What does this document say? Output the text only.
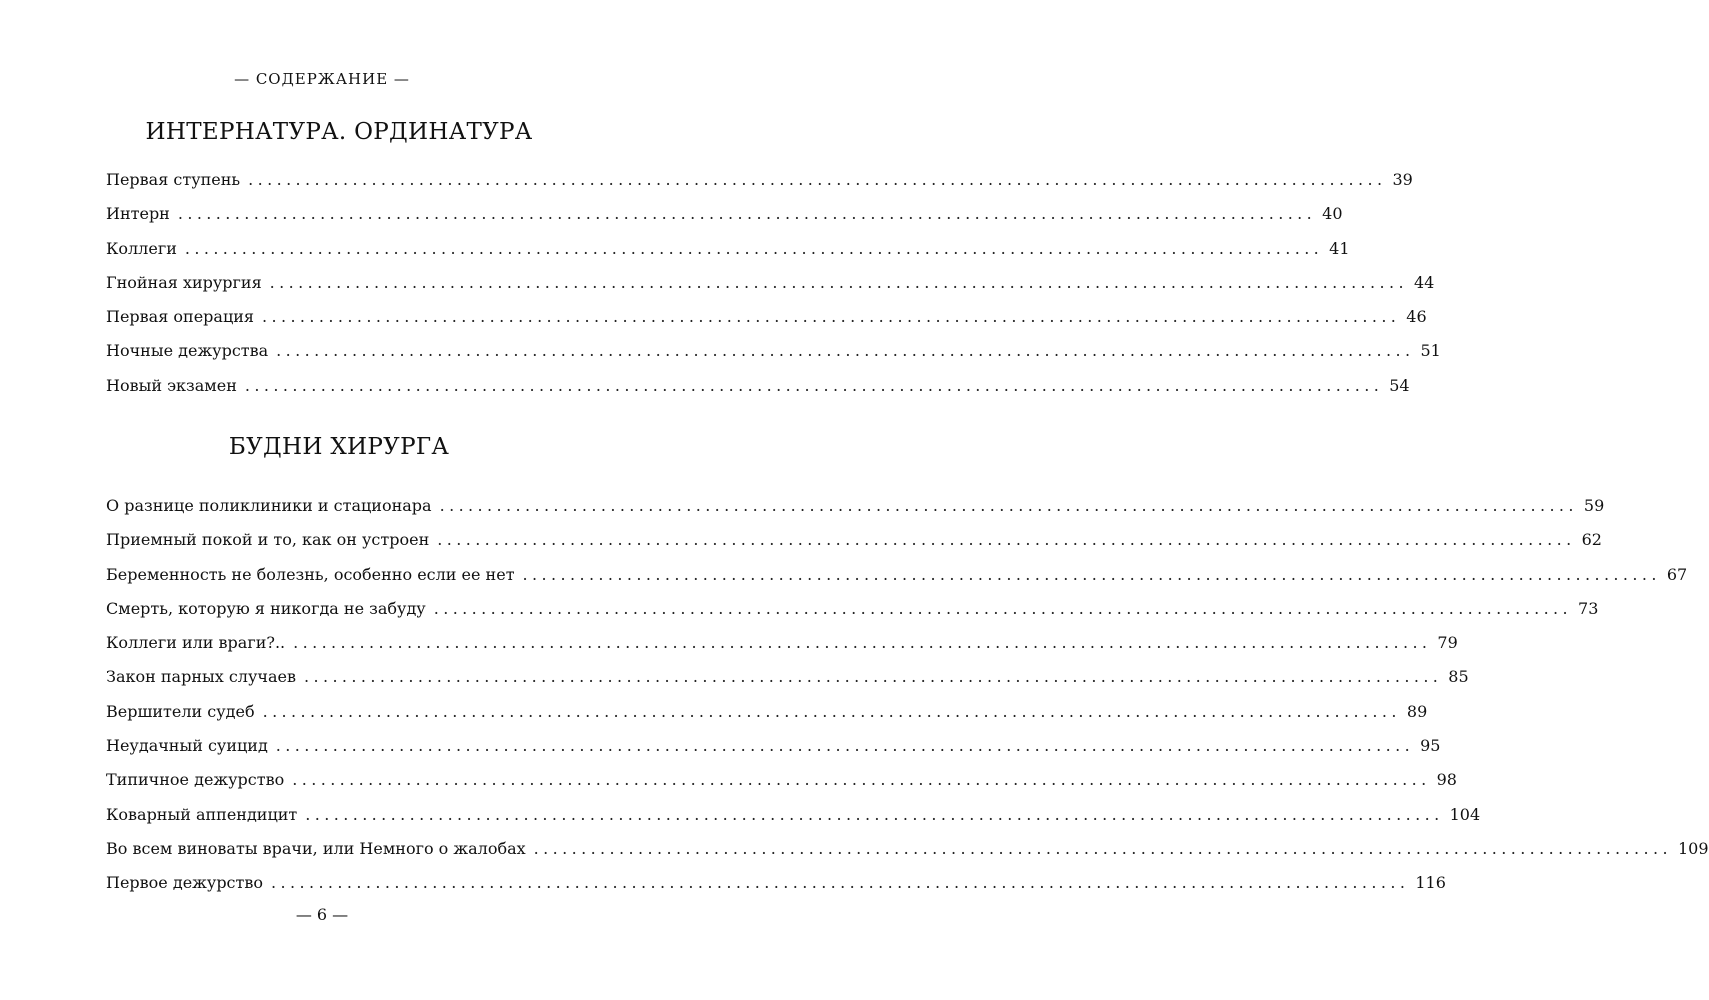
— СОДЕРЖАНИЕ —
ИНТЕРНАТУРА. ОРДИНАТУРА
Первая ступень ........................................................................................................................ 39
Интерн ........................................................................................................................ 40
Коллеги ........................................................................................................................ 41
Гнойная хирургия ........................................................................................................................ 44
Первая операция ........................................................................................................................ 46
Ночные дежурства ........................................................................................................................ 51
Новый экзамен ........................................................................................................................ 54
БУДНИ ХИРУРГА
О разнице поликлиники и стационара ........................................................................................................................ 59
Приемный покой и то, как он устроен ........................................................................................................................ 62
Беременность не болезнь, особенно если ее нет ........................................................................................................................ 67
Смерть, которую я никогда не забуду ........................................................................................................................ 73
Коллеги или враги?.. ........................................................................................................................ 79
Закон парных случаев ........................................................................................................................ 85
Вершители судеб ........................................................................................................................ 89
Неудачный суицид ........................................................................................................................ 95
Типичное дежурство ........................................................................................................................ 98
Коварный аппендицит ........................................................................................................................ 104
Во всем виноваты врачи, или Немного о жалобах ........................................................................................................................ 109
Первое дежурство ........................................................................................................................ 116
— 6 —
